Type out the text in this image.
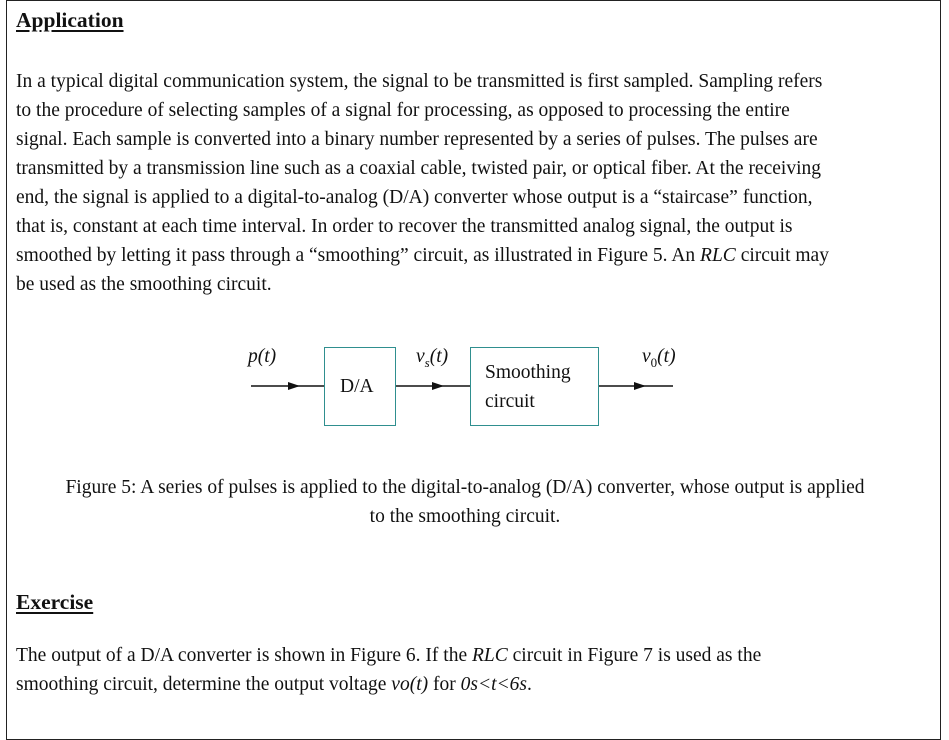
Application
In a typical digital communication system, the signal to be transmitted is first sampled. Sampling refers
to the procedure of selecting samples of a signal for processing, as opposed to processing the entire
signal. Each sample is converted into a binary number represented by a series of pulses. The pulses are
transmitted by a transmission line such as a coaxial cable, twisted pair, or optical fiber. At the receiving
end, the signal is applied to a digital-to-analog (D/A) converter whose output is a “staircase” function,
that is, constant at each time interval. In order to recover the transmitted analog signal, the output is
smoothed by letting it pass through a “smoothing” circuit, as illustrated in Figure 5. An RLC circuit may
be used as the smoothing circuit.
p(t)
D/A
$v_s(t)$
Smoothing
circuit
$v_0(t)$
Figure 5: A series of pulses is applied to the digital-to-analog (D/A) converter, whose output is applied
to the smoothing circuit.
Exercise
The output of a D/A converter is shown in Figure 6. If the RLC circuit in Figure 7 is used as the
smoothing circuit, determine the output voltage vo(t) for 0s<t<6s.
